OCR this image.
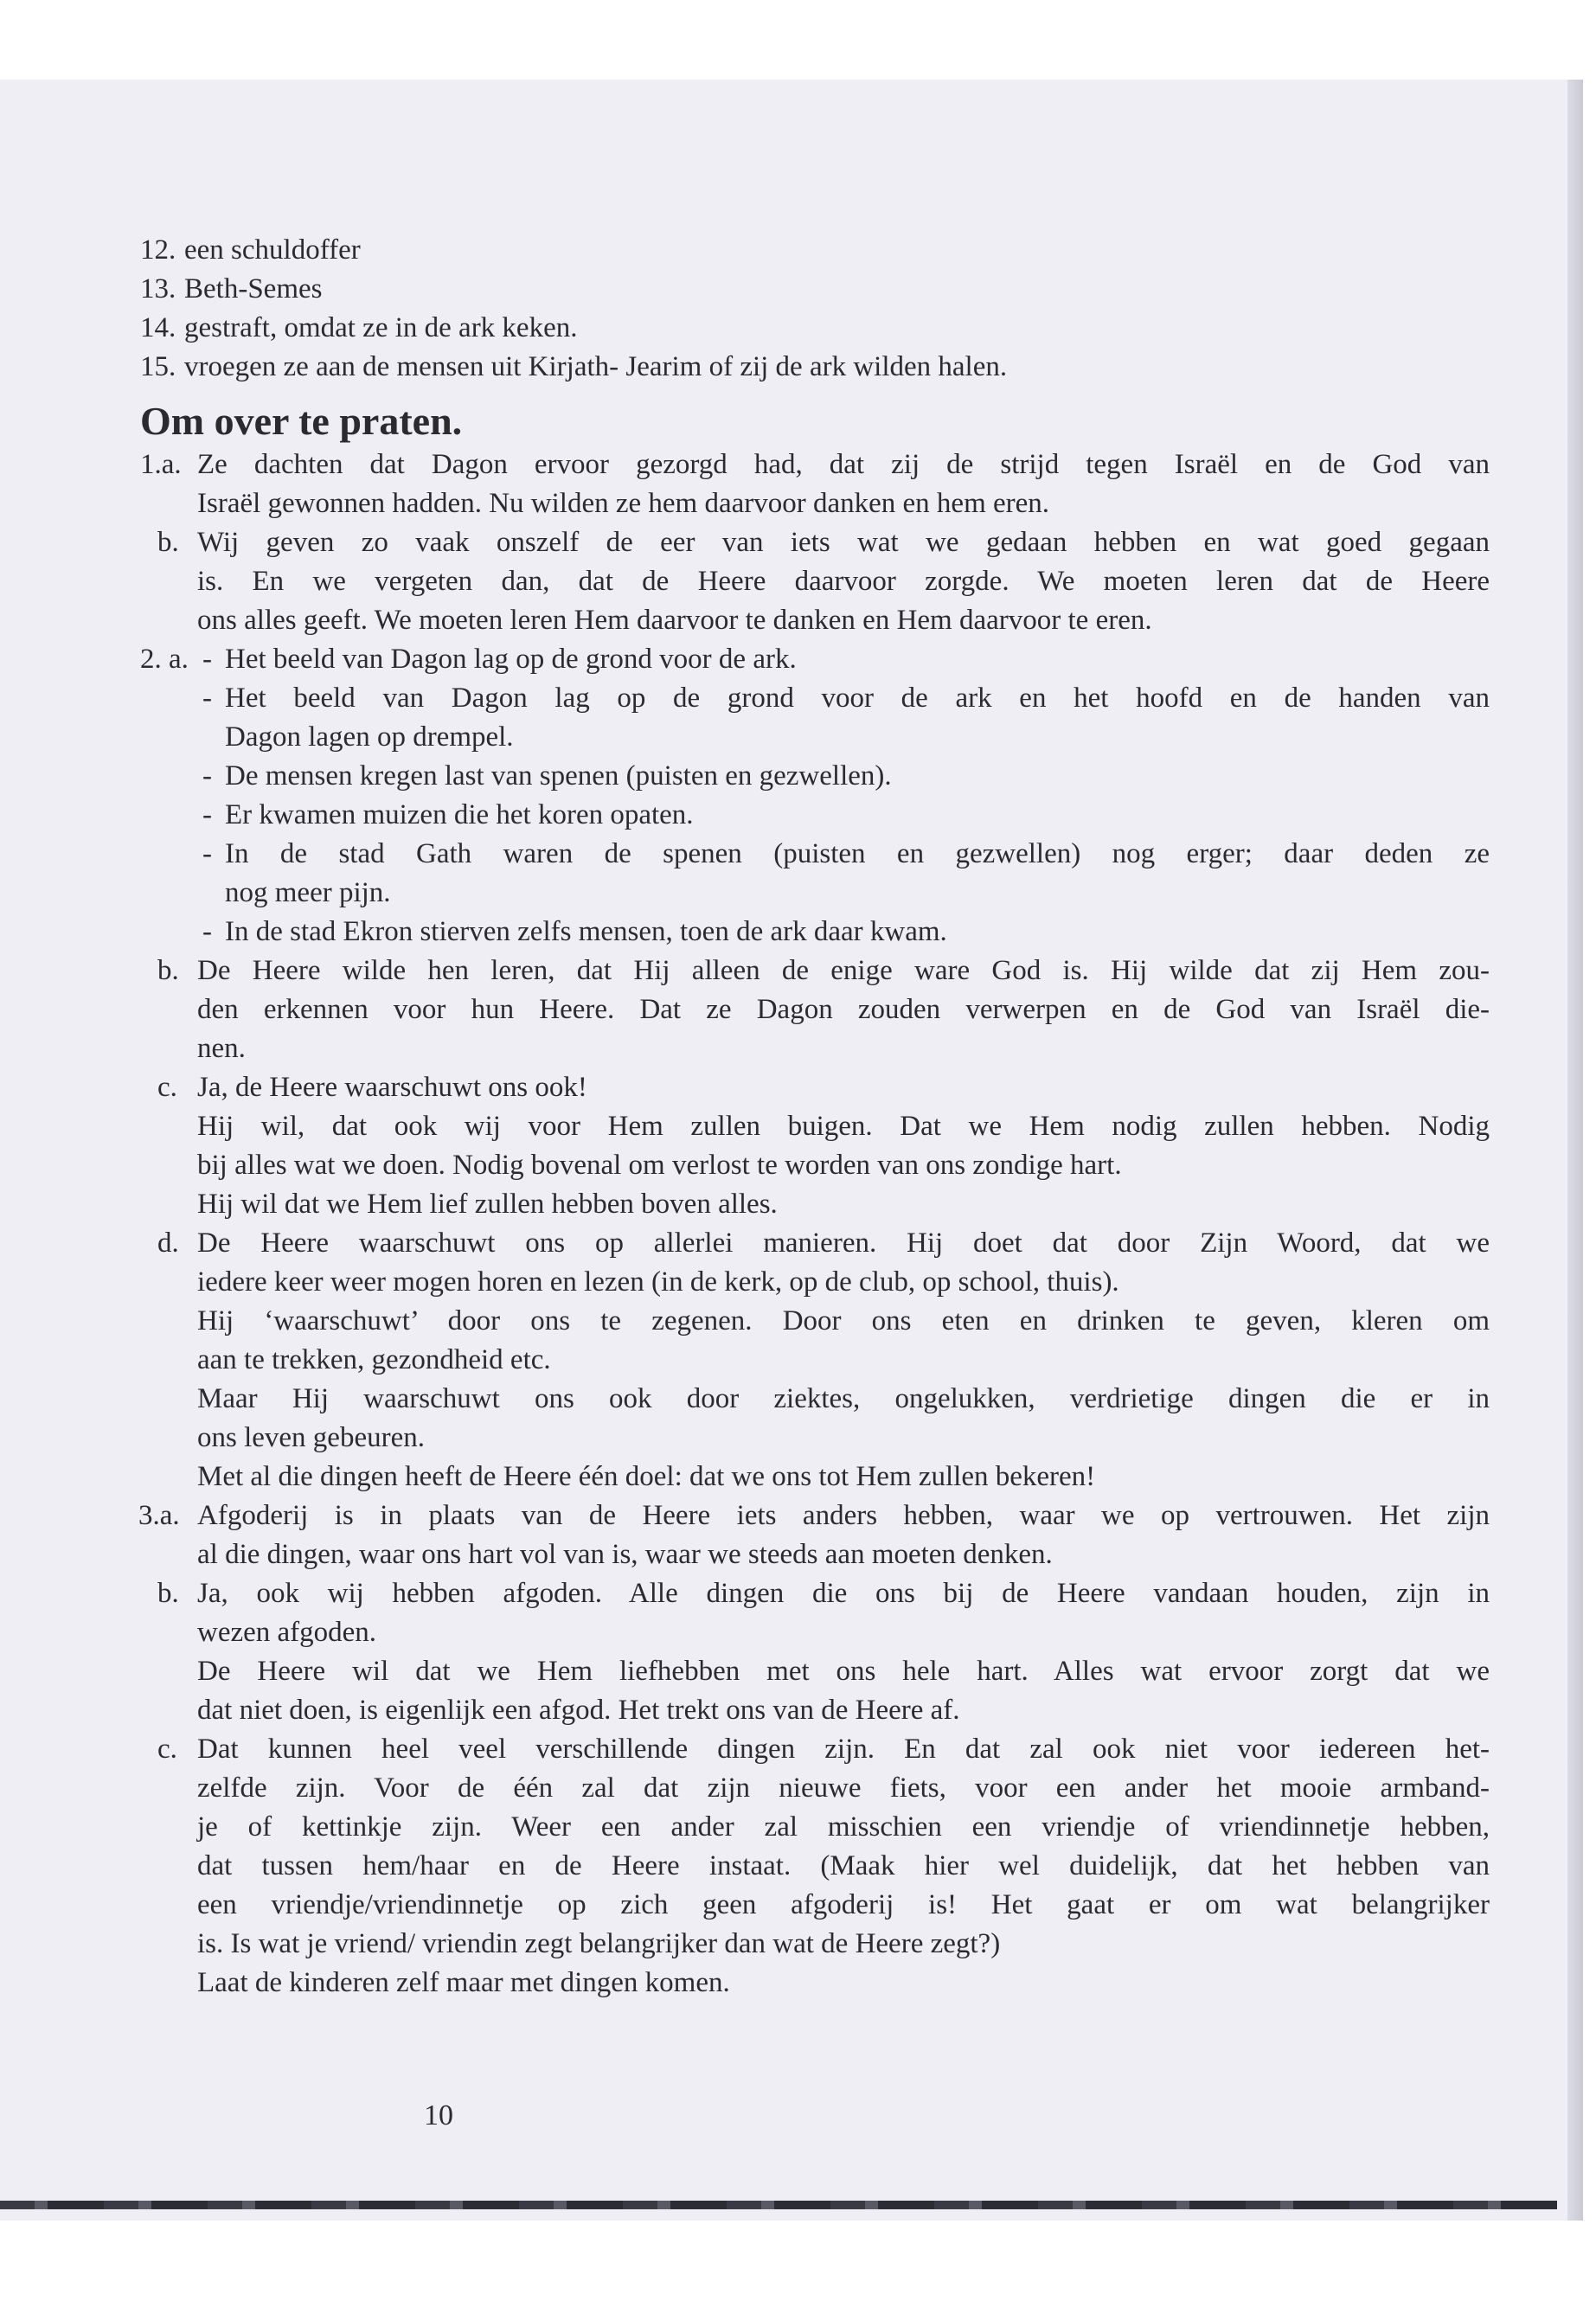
12. een schuldoffer
13. Beth-Semes
14. gestraft, omdat ze in de ark keken.
15. vroegen ze aan de mensen uit Kirjath- Jearim of zij de ark wilden halen.
Om over te praten.
1.a. Ze dachten dat Dagon ervoor gezorgd had, dat zij de strijd tegen Israël en de God van
Israël gewonnen hadden. Nu wilden ze hem daarvoor danken en hem eren.
b. Wij geven zo vaak onszelf de eer van iets wat we gedaan hebben en wat goed gegaan
is. En we vergeten dan, dat de Heere daarvoor zorgde. We moeten leren dat de Heere
ons alles geeft. We moeten leren Hem daarvoor te danken en Hem daarvoor te eren.
2. a. - Het beeld van Dagon lag op de grond voor de ark.
- Het beeld van Dagon lag op de grond voor de ark en het hoofd en de handen van
Dagon lagen op drempel.
- De mensen kregen last van spenen (puisten en gezwellen).
- Er kwamen muizen die het koren opaten.
- In de stad Gath waren de spenen (puisten en gezwellen) nog erger; daar deden ze
nog meer pijn.
- In de stad Ekron stierven zelfs mensen, toen de ark daar kwam.
b. De Heere wilde hen leren, dat Hij alleen de enige ware God is. Hij wilde dat zij Hem zou-
den erkennen voor hun Heere. Dat ze Dagon zouden verwerpen en de God van Israël die-
nen.
c. Ja, de Heere waarschuwt ons ook!
Hij wil, dat ook wij voor Hem zullen buigen. Dat we Hem nodig zullen hebben. Nodig
bij alles wat we doen. Nodig bovenal om verlost te worden van ons zondige hart.
Hij wil dat we Hem lief zullen hebben boven alles.
d. De Heere waarschuwt ons op allerlei manieren. Hij doet dat door Zijn Woord, dat we
iedere keer weer mogen horen en lezen (in de kerk, op de club, op school, thuis).
Hij ‘waarschuwt’ door ons te zegenen. Door ons eten en drinken te geven, kleren om
aan te trekken, gezondheid etc.
Maar Hij waarschuwt ons ook door ziektes, ongelukken, verdrietige dingen die er in
ons leven gebeuren.
Met al die dingen heeft de Heere één doel: dat we ons tot Hem zullen bekeren!
3.a. Afgoderij is in plaats van de Heere iets anders hebben, waar we op vertrouwen. Het zijn
al die dingen, waar ons hart vol van is, waar we steeds aan moeten denken.
b. Ja, ook wij hebben afgoden. Alle dingen die ons bij de Heere vandaan houden, zijn in
wezen afgoden.
De Heere wil dat we Hem liefhebben met ons hele hart. Alles wat ervoor zorgt dat we
dat niet doen, is eigenlijk een afgod. Het trekt ons van de Heere af.
c. Dat kunnen heel veel verschillende dingen zijn. En dat zal ook niet voor iedereen het-
zelfde zijn. Voor de één zal dat zijn nieuwe fiets, voor een ander het mooie armband-
je of kettinkje zijn. Weer een ander zal misschien een vriendje of vriendinnetje hebben,
dat tussen hem/haar en de Heere instaat. (Maak hier wel duidelijk, dat het hebben van
een vriendje/vriendinnetje op zich geen afgoderij is! Het gaat er om wat belangrijker
is. Is wat je vriend/ vriendin zegt belangrijker dan wat de Heere zegt?)
Laat de kinderen zelf maar met dingen komen.
10
